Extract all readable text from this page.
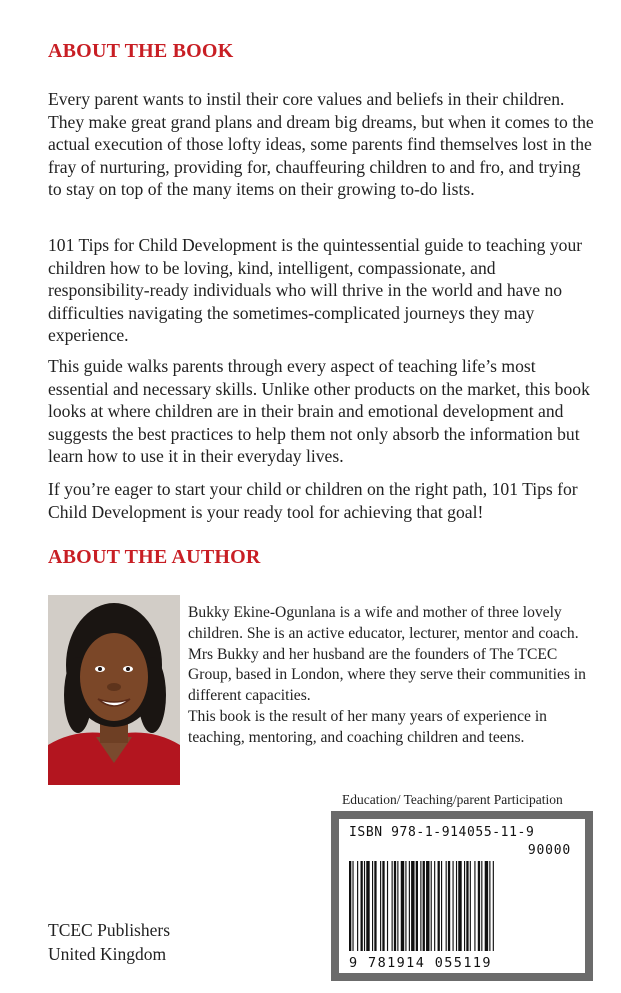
ABOUT THE BOOK

Every parent wants to instil their core values and beliefs in their children. They make great grand plans and dream big dreams, but when it comes to the actual execution of those lofty ideas, some parents find themselves lost in the fray of nurturing, providing for, chauffeuring children to and fro, and trying to stay on top of the many items on their growing to-do lists.

101 Tips for Child Development is the quintessential guide to teaching your children how to be loving, kind, intelligent, compassionate, and responsibility-ready individuals who will thrive in the world and have no difficulties navigating the sometimes-complicated journeys they may experience.

This guide walks parents through every aspect of teaching life’s most essential and necessary skills. Unlike other products on the market, this book looks at where children are in their brain and emotional development and suggests the best practices to help them not only absorb the information but learn how to use it in their everyday lives.

If you’re eager to start your child or children on the right path, 101 Tips for Child Development is your ready tool for achieving that goal!

ABOUT THE AUTHOR

Bukky Ekine-Ogunlana is a wife and mother of three lovely children. She is an active educator, lecturer, mentor and coach.

Mrs Bukky and her husband are the founders of The TCEC Group, based in London, where they serve their communities in different capacities.

This book is the result of her many years of experience in teaching, mentoring, and coaching children and teens.

Education/ Teaching/parent Participation
ISBN 978-1-914055-11-9
90000
9 781914 055119
TCEC Publishers
United Kingdom
